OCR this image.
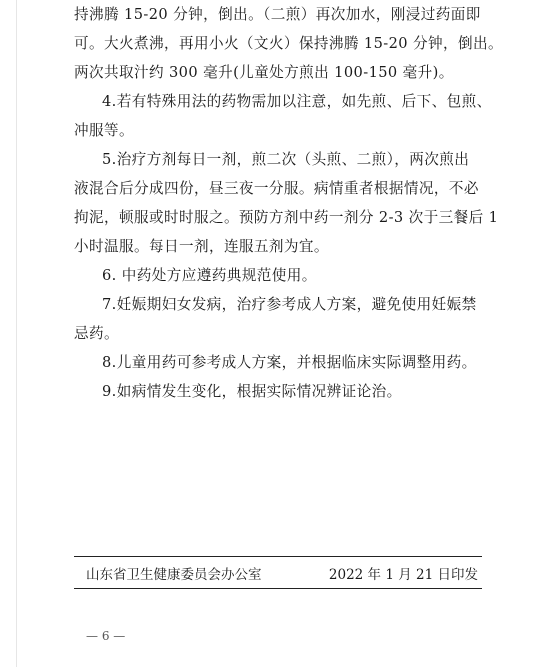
持沸腾 15-20 分钟，倒出。（二煎）再次加水，刚浸过药面即
可。大火煮沸，再用小火（文火）保持沸腾 15-20 分钟，倒出。
两次共取汁约 300 毫升(儿童处方煎出 100-150 毫升)。
4.若有特殊用法的药物需加以注意，如先煎、后下、包煎、
冲服等。
5.治疗方剂每日一剂，煎二次（头煎、二煎），两次煎出
液混合后分成四份，昼三夜一分服。病情重者根据情况，不必
拘泥，顿服或时时服之。预防方剂中药一剂分 2-3 次于三餐后 1
小时温服。每日一剂，连服五剂为宜。
6. 中药处方应遵药典规范使用。
7.妊娠期妇女发病，治疗参考成人方案，避免使用妊娠禁
忌药。
8.儿童用药可参考成人方案，并根据临床实际调整用药。
9.如病情发生变化，根据实际情况辨证论治。
山东省卫生健康委员会办公室	2022 年 1 月 21 日印发
— 6 —
